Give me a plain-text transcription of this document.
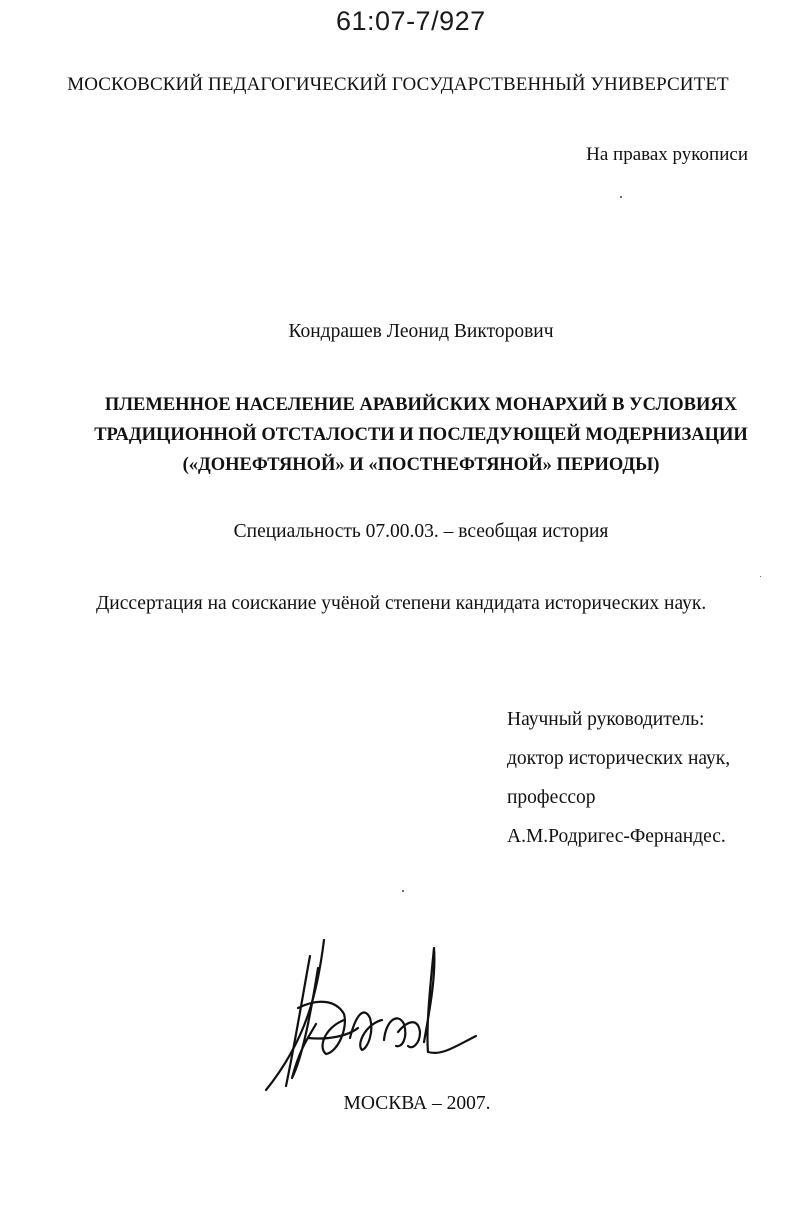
61:07-7/927
МОСКОВСКИЙ ПЕДАГОГИЧЕСКИЙ ГОСУДАРСТВЕННЫЙ УНИВЕРСИТЕТ
На правах рукописи
Кондрашев Леонид Викторович
ПЛЕМЕННОЕ НАСЕЛЕНИЕ АРАВИЙСКИХ МОНАРХИЙ В УСЛОВИЯХ
ТРАДИЦИОННОЙ ОТСТАЛОСТИ И ПОСЛЕДУЮЩЕЙ МОДЕРНИЗАЦИИ
(«ДОНЕФТЯНОЙ» И «ПОСТНЕФТЯНОЙ» ПЕРИОДЫ)
Специальность 07.00.03. – всеобщая история
Диссертация на соискание учёной степени кандидата исторических наук.
Научный руководитель:
доктор исторических наук,
профессор
А.М.Родригес-Фернандес.
МОСКВА – 2007.
